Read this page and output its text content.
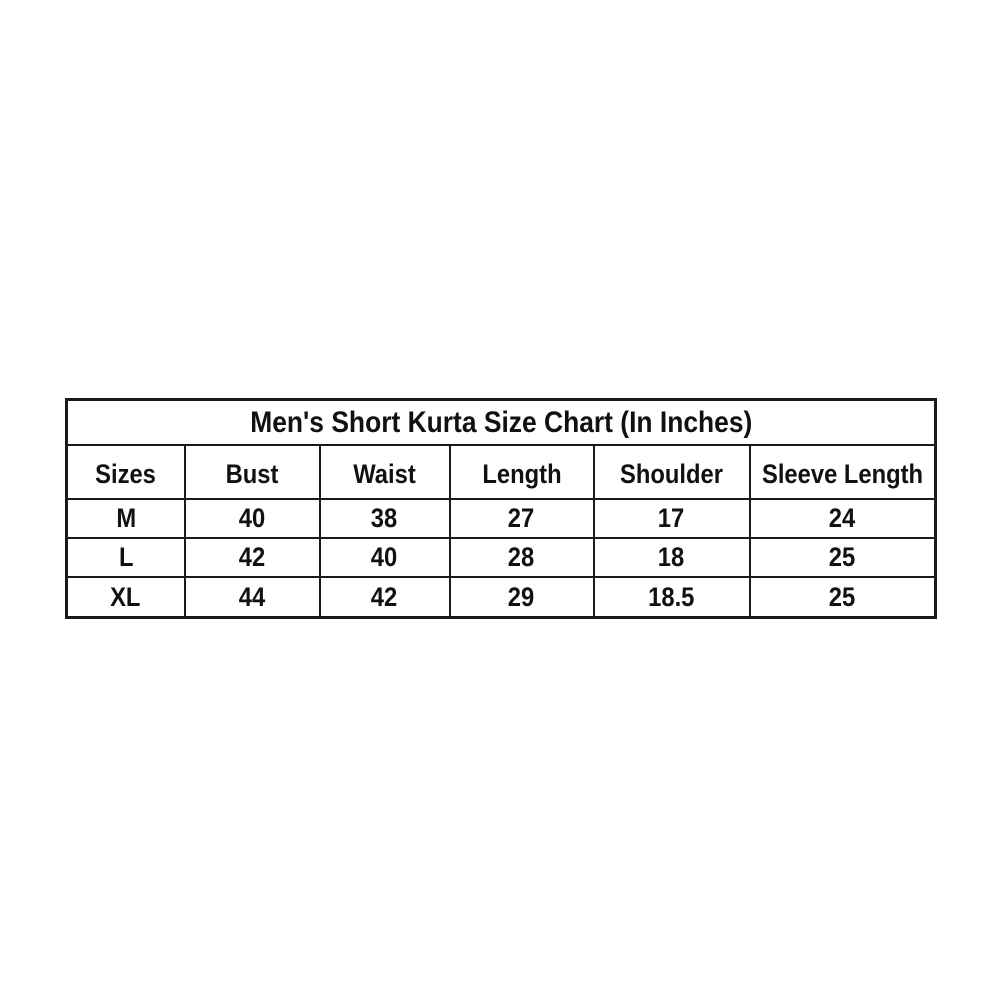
Men's Short Kurta Size Chart (In Inches)					
Sizes	Bust	Waist	Length	Shoulder	Sleeve Length
M	40	38	27	17	24
L	42	40	28	18	25
XL	44	42	29	18.5	25
